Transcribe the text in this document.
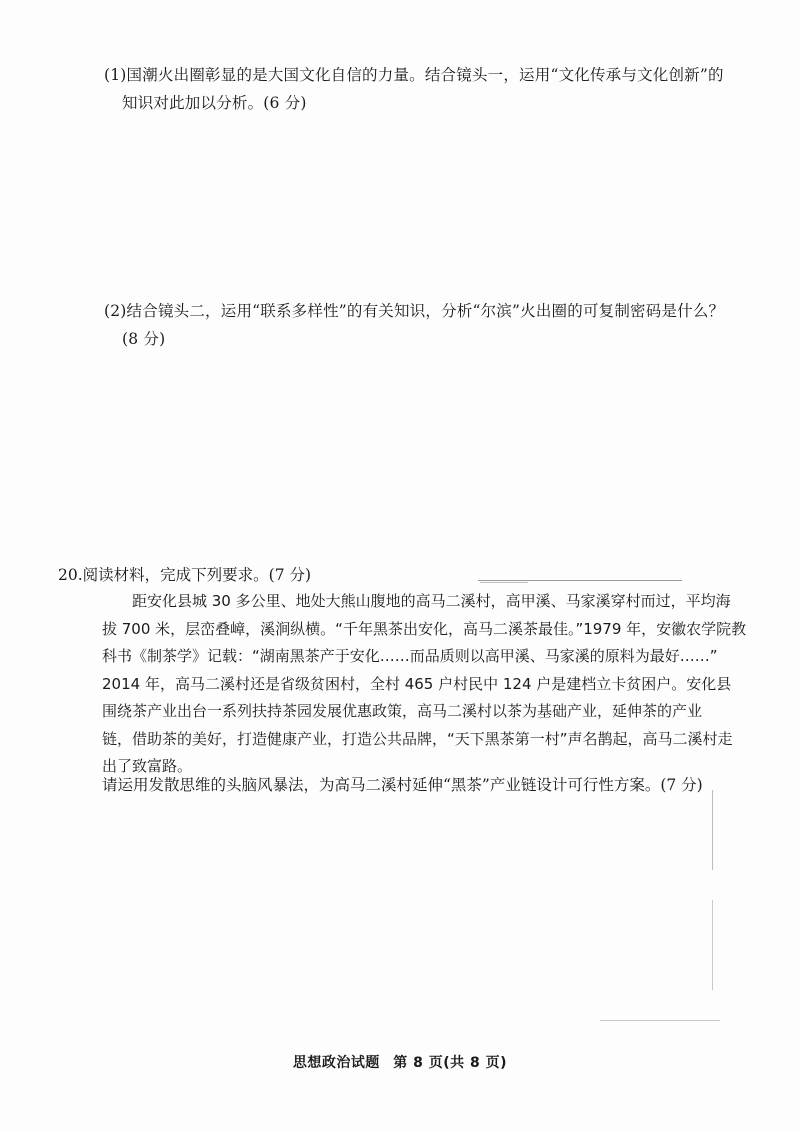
(1)国潮火出圈彰显的是大国文化自信的力量。结合镜头一，运用“文化传承与文化创新”的
知识对此加以分析。(6 分)
(2)结合镜头二，运用“联系多样性”的有关知识，分析“尔滨”火出圈的可复制密码是什么？
(8 分)
20.阅读材料，完成下列要求。(7 分)
距安化县城 30 多公里、地处大熊山腹地的高马二溪村，高甲溪、马家溪穿村而过，平均海
拔 700 米，层峦叠嶂，溪涧纵横。“千年黑茶出安化，高马二溪茶最佳。”1979 年，安徽农学院教
科书《制茶学》记载：“湖南黑茶产于安化……而品质则以高甲溪、马家溪的原料为最好……”
2014 年，高马二溪村还是省级贫困村，全村 465 户村民中 124 户是建档立卡贫困户。安化县
围绕茶产业出台一系列扶持茶园发展优惠政策，高马二溪村以茶为基础产业，延伸茶的产业
链，借助茶的美好，打造健康产业，打造公共品牌，“天下黑茶第一村”声名鹊起，高马二溪村走
出了致富路。
请运用发散思维的头脑风暴法，为高马二溪村延伸“黑茶”产业链设计可行性方案。(7 分)
思想政治试题 第 8 页(共 8 页)
